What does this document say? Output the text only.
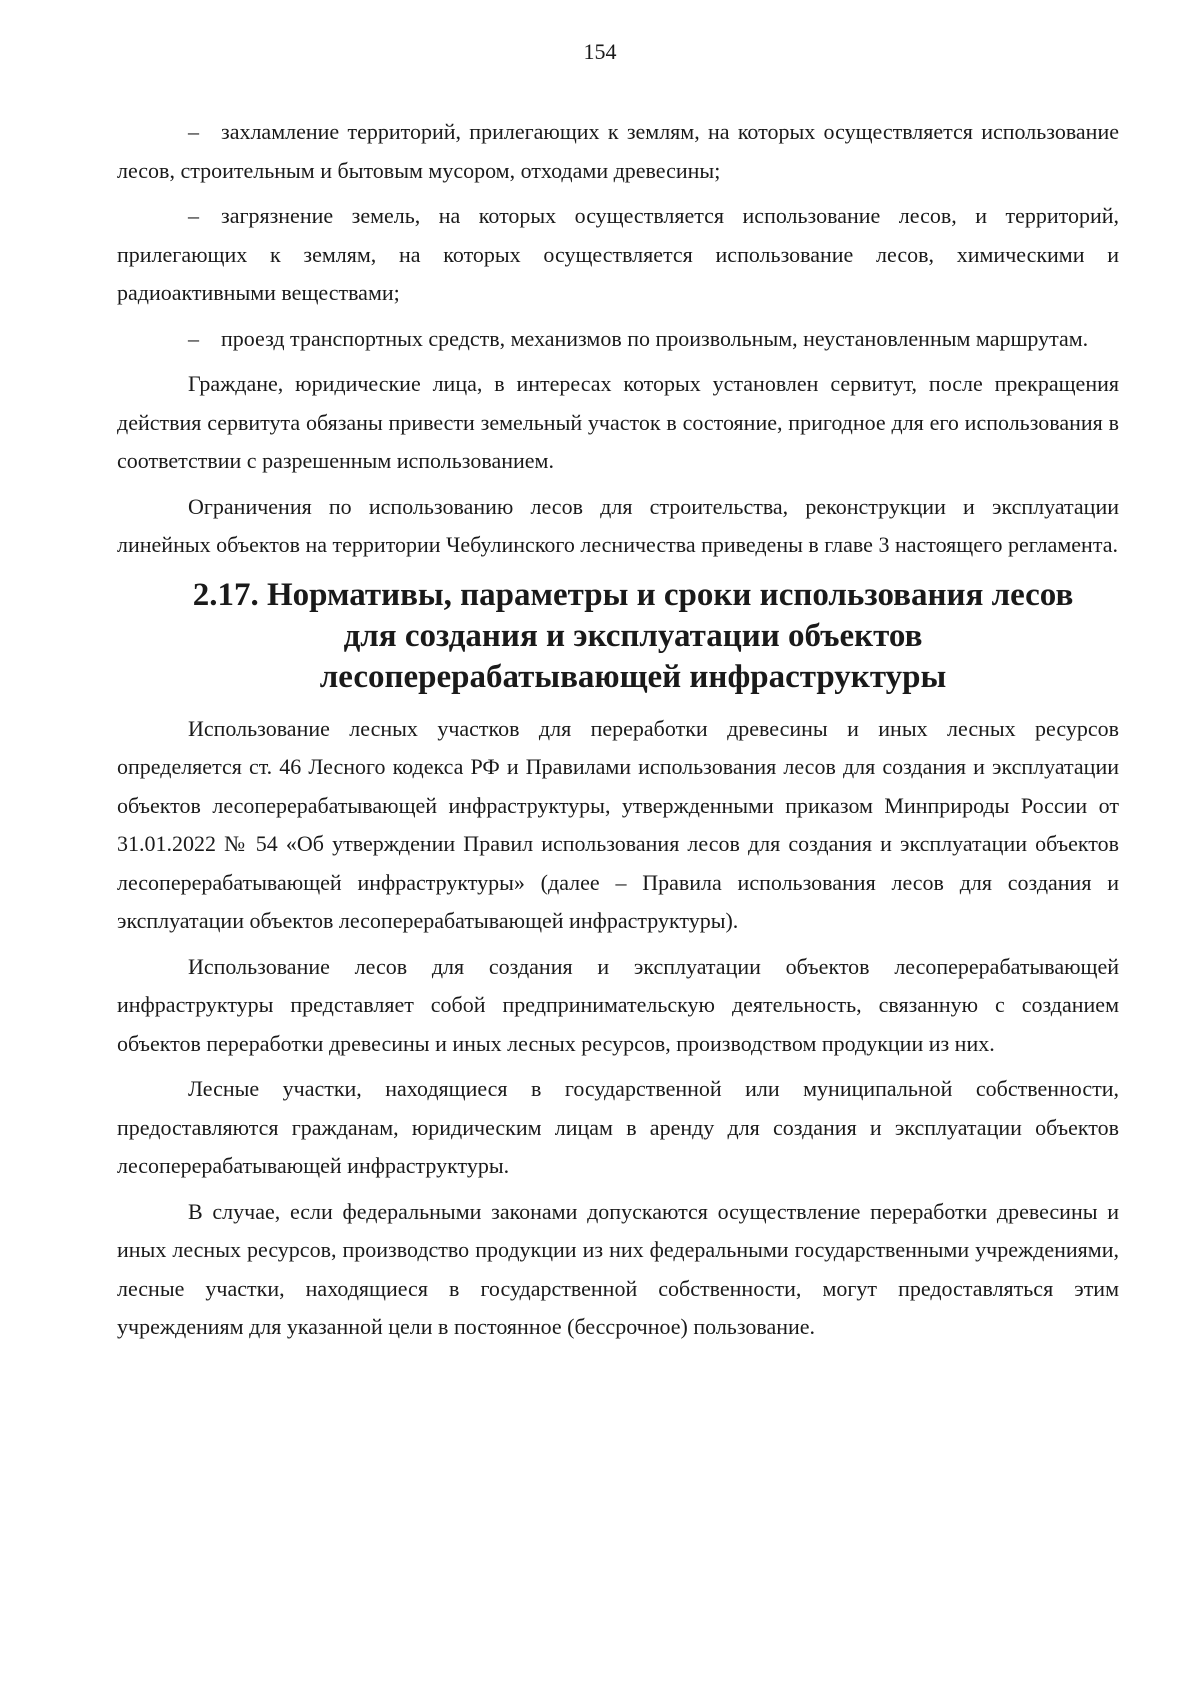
154

– захламление территорий, прилегающих к землям, на которых осуществляется использование лесов, строительным и бытовым мусором, отходами древесины;

– загрязнение земель, на которых осуществляется использование лесов, и территорий, прилегающих к землям, на которых осуществляется использование лесов, химическими и радиоактивными веществами;

– проезд транспортных средств, механизмов по произвольным, неустановленным маршрутам.

Граждане, юридические лица, в интересах которых установлен сервитут, после прекращения действия сервитута обязаны привести земельный участок в состояние, пригодное для его использования в соответствии с разрешенным использованием.

Ограничения по использованию лесов для строительства, реконструкции и эксплуатации линейных объектов на территории Чебулинского лесничества приведены в главе 3 настоящего регламента.

2.17. Нормативы, параметры и сроки использования лесов для создания и эксплуатации объектов лесоперерабатывающей инфраструктуры

Использование лесных участков для переработки древесины и иных лесных ресурсов определяется ст. 46 Лесного кодекса РФ и Правилами использования лесов для создания и эксплуатации объектов лесоперерабатывающей инфраструктуры, утвержденными приказом Минприроды России от 31.01.2022 № 54 «Об утверждении Правил использования лесов для создания и эксплуатации объектов лесоперерабатывающей инфраструктуры» (далее – Правила использования лесов для создания и эксплуатации объектов лесоперерабатывающей инфраструктуры).

Использование лесов для создания и эксплуатации объектов лесоперерабатывающей инфраструктуры представляет собой предпринимательскую деятельность, связанную с созданием объектов переработки древесины и иных лесных ресурсов, производством продукции из них.

Лесные участки, находящиеся в государственной или муниципальной собственности, предоставляются гражданам, юридическим лицам в аренду для создания и эксплуатации объектов лесоперерабатывающей инфраструктуры.

В случае, если федеральными законами допускаются осуществление переработки древесины и иных лесных ресурсов, производство продукции из них федеральными государственными учреждениями, лесные участки, находящиеся в государственной собственности, могут предоставляться этим учреждениям для указанной цели в постоянное (бессрочное) пользование.
